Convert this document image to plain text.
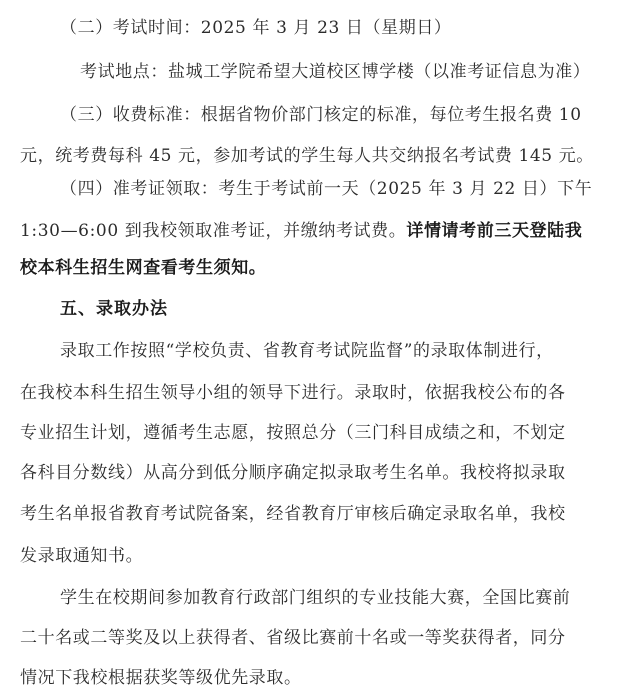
（二）考试时间：2025 年 3 月 23 日（星期日）
考试地点：盐城工学院希望大道校区博学楼（以准考证信息为准）
（三）收费标准：根据省物价部门核定的标准，每位考生报名费 10
元，统考费每科 45 元，参加考试的学生每人共交纳报名考试费 145 元。
（四）准考证领取：考生于考试前一天（2025 年 3 月 22 日）下午
1:30—6:00 到我校领取准考证，并缴纳考试费。详情请考前三天登陆我
校本科生招生网查看考生须知。
五、录取办法
录取工作按照“学校负责、省教育考试院监督”的录取体制进行，
在我校本科生招生领导小组的领导下进行。录取时，依据我校公布的各
专业招生计划，遵循考生志愿，按照总分（三门科目成绩之和，不划定
各科目分数线）从高分到低分顺序确定拟录取考生名单。我校将拟录取
考生名单报省教育考试院备案，经省教育厅审核后确定录取名单，我校
发录取通知书。
学生在校期间参加教育行政部门组织的专业技能大赛，全国比赛前
二十名或二等奖及以上获得者、省级比赛前十名或一等奖获得者，同分
情况下我校根据获奖等级优先录取。
